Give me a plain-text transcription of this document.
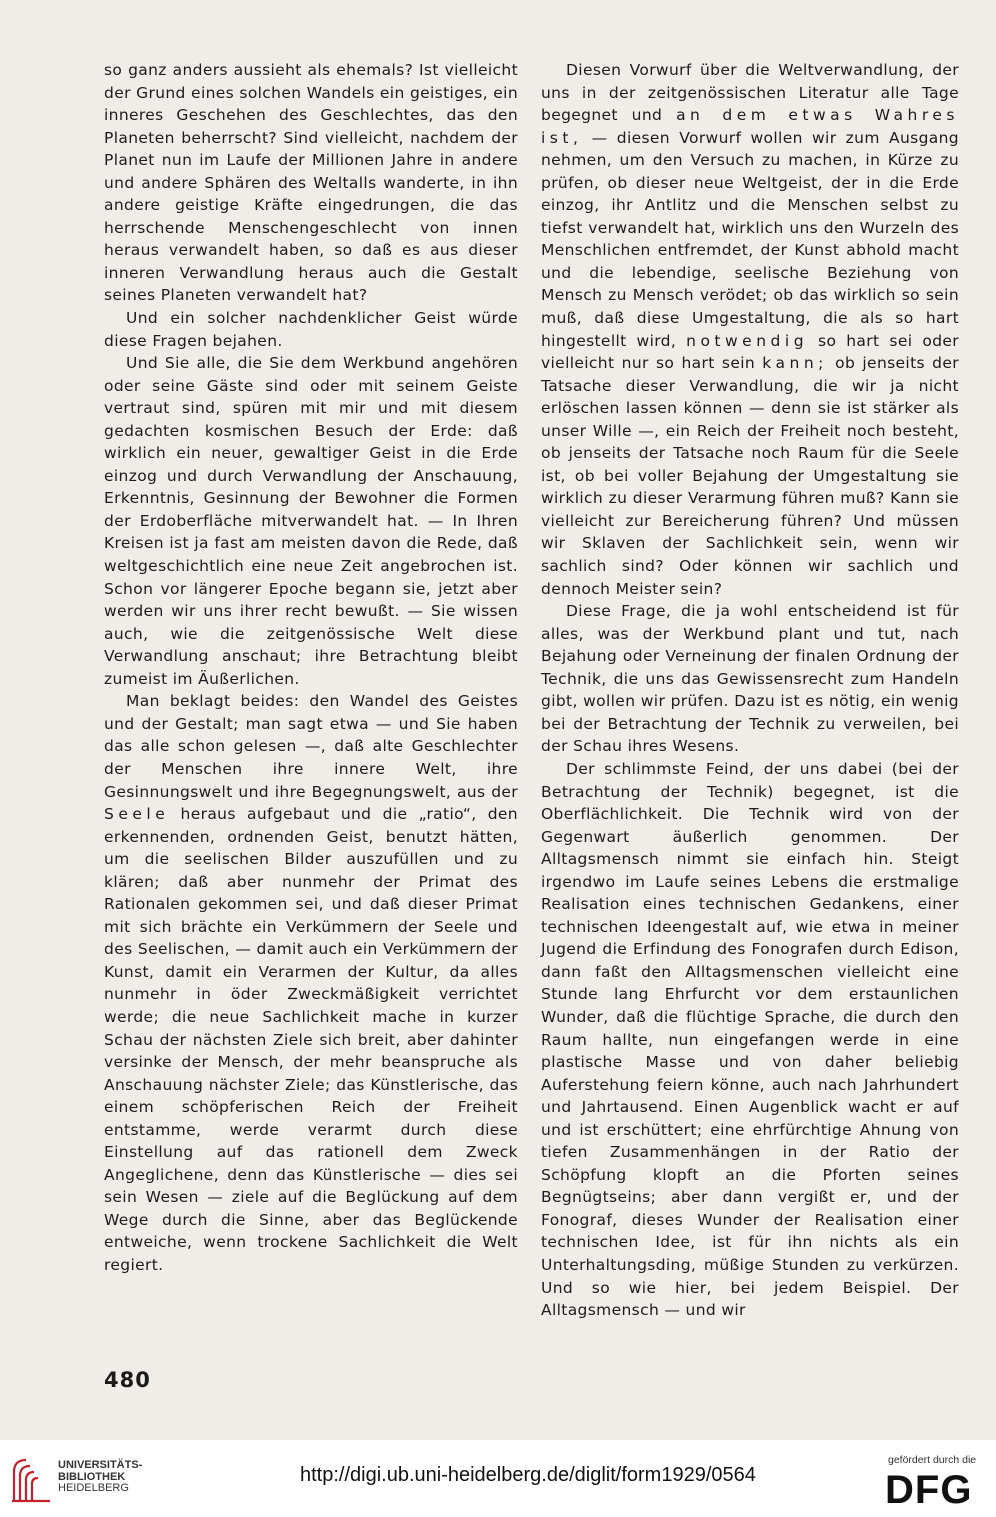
so ganz anders aussieht als ehemals? Ist vielleicht der Grund eines solchen Wandels ein geistiges, ein inneres Geschehen des Geschlechtes, das den Planeten beherrscht? Sind vielleicht, nachdem der Planet nun im Laufe der Millionen Jahre in andere und andere Sphären des Weltalls wanderte, in ihn andere geistige Kräfte eingedrungen, die das herrschende Menschengeschlecht von innen heraus verwandelt haben, so daß es aus dieser inneren Verwandlung heraus auch die Gestalt seines Planeten verwandelt hat?

Und ein solcher nachdenklicher Geist würde diese Fragen bejahen.

Und Sie alle, die Sie dem Werkbund angehören oder seine Gäste sind oder mit seinem Geiste vertraut sind, spüren mit mir und mit diesem gedachten kosmischen Besuch der Erde: daß wirklich ein neuer, gewaltiger Geist in die Erde einzog und durch Verwandlung der Anschauung, Erkenntnis, Gesinnung der Bewohner die Formen der Erdoberfläche mitverwandelt hat. — In Ihren Kreisen ist ja fast am meisten davon die Rede, daß weltgeschichtlich eine neue Zeit angebrochen ist. Schon vor längerer Epoche begann sie, jetzt aber werden wir uns ihrer recht bewußt. — Sie wissen auch, wie die zeitgenössische Welt diese Verwandlung anschaut; ihre Betrachtung bleibt zumeist im Äußerlichen.

Man beklagt beides: den Wandel des Geistes und der Gestalt; man sagt etwa — und Sie haben das alle schon gelesen —, daß alte Geschlechter der Menschen ihre innere Welt, ihre Gesinnungswelt und ihre Begegnungswelt, aus der Seele heraus aufgebaut und die „ratio“, den erkennenden, ordnenden Geist, benutzt hätten, um die seelischen Bilder auszufüllen und zu klären; daß aber nunmehr der Primat des Rationalen gekommen sei, und daß dieser Primat mit sich brächte ein Verkümmern der Seele und des Seelischen, — damit auch ein Verkümmern der Kunst, damit ein Verarmen der Kultur, da alles nunmehr in öder Zweckmäßigkeit verrichtet werde; die neue Sachlichkeit mache in kurzer Schau der nächsten Ziele sich breit, aber dahinter versinke der Mensch, der mehr beanspruche als Anschauung nächster Ziele; das Künstlerische, das einem schöpferischen Reich der Freiheit entstamme, werde verarmt durch diese Einstellung auf das rationell dem Zweck Angeglichene, denn das Künstlerische — dies sei sein Wesen — ziele auf die Beglückung auf dem Wege durch die Sinne, aber das Beglückende entweiche, wenn trockene Sachlichkeit die Welt regiert.

Diesen Vorwurf über die Weltverwandlung, der uns in der zeitgenössischen Literatur alle Tage begegnet und an dem etwas Wahres ist, — diesen Vorwurf wollen wir zum Ausgang nehmen, um den Versuch zu machen, in Kürze zu prüfen, ob dieser neue Weltgeist, der in die Erde einzog, ihr Antlitz und die Menschen selbst zu tiefst verwandelt hat, wirklich uns den Wurzeln des Menschlichen entfremdet, der Kunst abhold macht und die lebendige, seelische Beziehung von Mensch zu Mensch verödet; ob das wirklich so sein muß, daß diese Umgestaltung, die als so hart hingestellt wird, notwendig so hart sei oder vielleicht nur so hart sein kann; ob jenseits der Tatsache dieser Verwandlung, die wir ja nicht erlöschen lassen können — denn sie ist stärker als unser Wille —, ein Reich der Freiheit noch besteht, ob jenseits der Tatsache noch Raum für die Seele ist, ob bei voller Bejahung der Umgestaltung sie wirklich zu dieser Verarmung führen muß? Kann sie vielleicht zur Bereicherung führen? Und müssen wir Sklaven der Sachlichkeit sein, wenn wir sachlich sind? Oder können wir sachlich und dennoch Meister sein?

Diese Frage, die ja wohl entscheidend ist für alles, was der Werkbund plant und tut, nach Bejahung oder Verneinung der finalen Ordnung der Technik, die uns das Gewissensrecht zum Handeln gibt, wollen wir prüfen. Dazu ist es nötig, ein wenig bei der Betrachtung der Technik zu verweilen, bei der Schau ihres Wesens.

Der schlimmste Feind, der uns dabei (bei der Betrachtung der Technik) begegnet, ist die Oberflächlichkeit. Die Technik wird von der Gegenwart äußerlich genommen. Der Alltagsmensch nimmt sie einfach hin. Steigt irgendwo im Laufe seines Lebens die erstmalige Realisation eines technischen Gedankens, einer technischen Ideengestalt auf, wie etwa in meiner Jugend die Erfindung des Fonografen durch Edison, dann faßt den Alltagsmenschen vielleicht eine Stunde lang Ehrfurcht vor dem erstaunlichen Wunder, daß die flüchtige Sprache, die durch den Raum hallte, nun eingefangen werde in eine plastische Masse und von daher beliebig Auferstehung feiern könne, auch nach Jahrhundert und Jahrtausend. Einen Augenblick wacht er auf und ist erschüttert; eine ehrfürchtige Ahnung von tiefen Zusammenhängen in der Ratio der Schöpfung klopft an die Pforten seines Begnügtseins; aber dann vergißt er, und der Fonograf, dieses Wunder der Realisation einer technischen Idee, ist für ihn nichts als ein Unterhaltungsding, müßige Stunden zu verkürzen. Und so wie hier, bei jedem Beispiel. Der Alltagsmensch — und wir

480
UNIVERSITÄTS-
BIBLIOTHEK
HEIDELBERG
http://digi.ub.uni-heidelberg.de/diglit/form1929/0564
gefördert durch die
DFG
